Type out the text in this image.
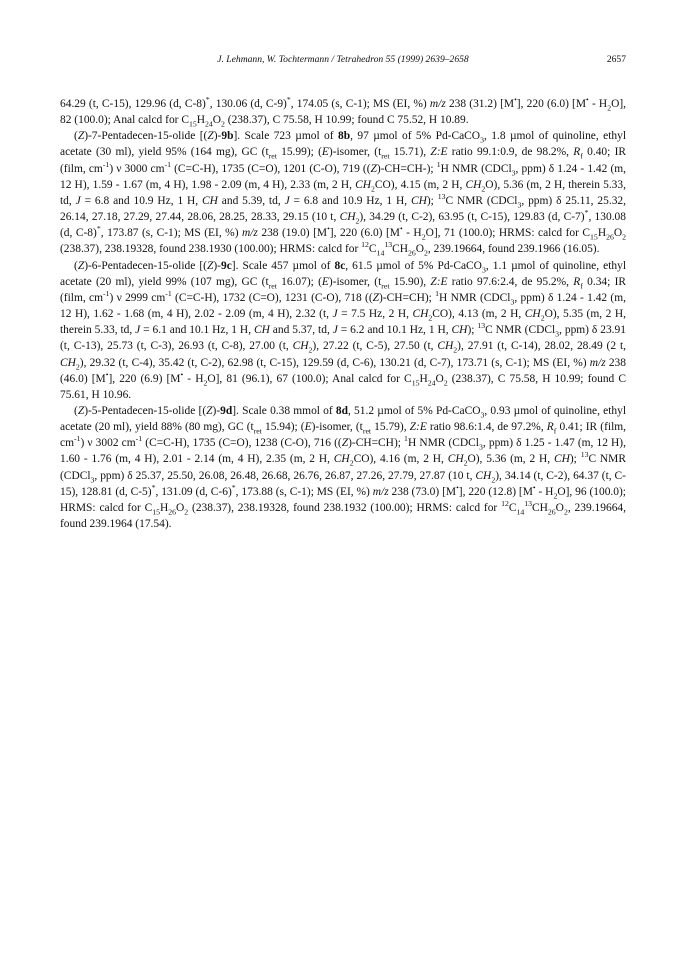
J. Lehmann, W. Tochtermann / Tetrahedron 55 (1999) 2639–2658	2657

64.29 (t, C-15), 129.96 (d, C-8)*, 130.06 (d, C-9)*, 174.05 (s, C-1); MS (EI, %) m/z 238 (31.2) [M•], 220 (6.0) $[M^• - H_2O]$, 82 (100.0); Anal calcd for $C_{15}H_{24}O_2$ (238.37), C 75.58, H 10.99; found C 75.52, H 10.89.

(Z)-7-Pentadecen-15-olide [(Z)-9b]. Scale 723 µmol of 8b, 97 µmol of 5% Pd-CaCO$_3$, 1.8 µmol of quinoline, ethyl acetate (30 ml), yield 95% (164 mg), GC ($t_{ret}$ 15.99); (E)-isomer, ($t_{ret}$ 15.71), Z:E ratio 99.1:0.9, de 98.2%, $R_f$ 0.40; IR (film, $cm^{-1}$) ν 3000 $cm^{-1}$ (C=C-H), 1735 (C=O), 1201 (C-O), 719 ((Z)-CH=CH-); $^1$H NMR (CDCl$_3$, ppm) δ 1.24 - 1.42 (m, 12 H), 1.59 - 1.67 (m, 4 H), 1.98 - 2.09 (m, 4 H), 2.33 (m, 2 H, $CH_2CO$), 4.15 (m, 2 H, $CH_2O$), 5.36 (m, 2 H, therein 5.33, td, J = 6.8 and 10.9 Hz, 1 H, CH and 5.39, td, J = 6.8 and 10.9 Hz, 1 H, CH); $^{13}$C NMR (CDCl$_3$, ppm) δ 25.11, 25.32, 26.14, 27.18, 27.29, 27.44, 28.06, 28.25, 28.33, 29.15 (10 t, $CH_2$), 34.29 (t, C-2), 63.95 (t, C-15), 129.83 (d, C-7)*, 130.08 (d, C-8)*, 173.87 (s, C-1); MS (EI, %) m/z 238 (19.0) [M•], 220 (6.0) $[M^• - H_2O]$, 71 (100.0); HRMS: calcd for $C_{15}H_{26}O_2$ (238.37), 238.19328, found 238.1930 (100.00); HRMS: calcd for $^{12}C_{14}^{13}CH_{26}O_2$, 239.19664, found 239.1966 (16.05).

(Z)-6-Pentadecen-15-olide [(Z)-9c]. Scale 457 µmol of 8c, 61.5 µmol of 5% Pd-CaCO$_3$, 1.1 µmol of quinoline, ethyl acetate (20 ml), yield 99% (107 mg), GC ($t_{ret}$ 16.07); (E)-isomer, ($t_{ret}$ 15.90), Z:E ratio 97.6:2.4, de 95.2%, $R_f$ 0.34; IR (film, $cm^{-1}$) ν 2999 $cm^{-1}$ (C=C-H), 1732 (C=O), 1231 (C-O), 718 ((Z)-CH=CH); $^1$H NMR (CDCl$_3$, ppm) δ 1.24 - 1.42 (m, 12 H), 1.62 - 1.68 (m, 4 H), 2.02 - 2.09 (m, 4 H), 2.32 (t, J = 7.5 Hz, 2 H, $CH_2CO$), 4.13 (m, 2 H, $CH_2O$), 5.35 (m, 2 H, therein 5.33, td, J = 6.1 and 10.1 Hz, 1 H, CH and 5.37, td, J = 6.2 and 10.1 Hz, 1 H, CH); $^{13}$C NMR (CDCl$_3$, ppm) δ 23.91 (t, C-13), 25.73 (t, C-3), 26.93 (t, C-8), 27.00 (t, $CH_2$), 27.22 (t, C-5), 27.50 (t, $CH_2$), 27.91 (t, C-14), 28.02, 28.49 (2 t, $CH_2$), 29.32 (t, C-4), 35.42 (t, C-2), 62.98 (t, C-15), 129.59 (d, C-6), 130.21 (d, C-7), 173.71 (s, C-1); MS (EI, %) m/z 238 (46.0) [M•], 220 (6.9) $[M^• - H_2O]$, 81 (96.1), 67 (100.0); Anal calcd for $C_{15}H_{24}O_2$ (238.37), C 75.58, H 10.99; found C 75.61, H 10.96.

(Z)-5-Pentadecen-15-olide [(Z)-9d]. Scale 0.38 mmol of 8d, 51.2 µmol of 5% Pd-CaCO$_3$, 0.93 µmol of quinoline, ethyl acetate (20 ml), yield 88% (80 mg), GC ($t_{ret}$ 15.94); (E)-isomer, ($t_{ret}$ 15.79), Z:E ratio 98.6:1.4, de 97.2%, $R_f$ 0.41; IR (film, $cm^{-1}$) ν 3002 $cm^{-1}$ (C=C-H), 1735 (C=O), 1238 (C-O), 716 ((Z)-CH=CH); $^1$H NMR (CDCl$_3$, ppm) δ 1.25 - 1.47 (m, 12 H), 1.60 - 1.76 (m, 4 H), 2.01 - 2.14 (m, 4 H), 2.35 (m, 2 H, $CH_2CO$), 4.16 (m, 2 H, $CH_2O$), 5.36 (m, 2 H, CH); $^{13}$C NMR (CDCl$_3$, ppm) δ 25.37, 25.50, 26.08, 26.48, 26.68, 26.76, 26.87, 27.26, 27.79, 27.87 (10 t, $CH_2$), 34.14 (t, C-2), 64.37 (t, C-15), 128.81 (d, C-5)*, 131.09 (d, C-6)*, 173.88 (s, C-1); MS (EI, %) m/z 238 (73.0) [M•], 220 (12.8) $[M^• - H_2O]$, 96 (100.0); HRMS: calcd for $C_{15}H_{26}O_2$ (238.37), 238.19328, found 238.1932 (100.00); HRMS: calcd for $^{12}C_{14}^{13}CH_{26}O_2$, 239.19664, found 239.1964 (17.54).
